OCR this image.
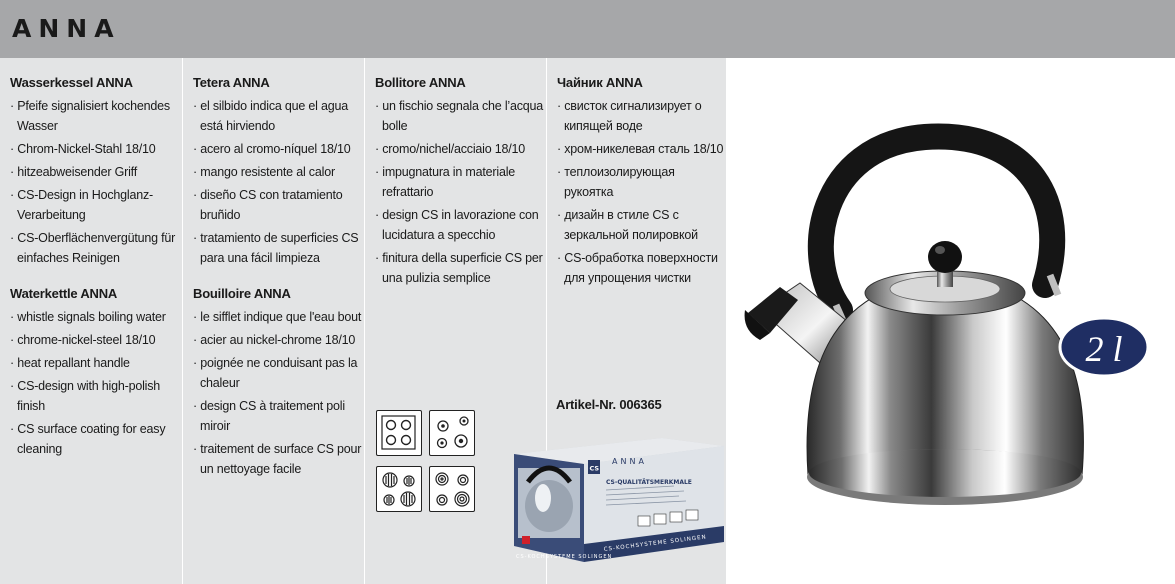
ANNA
Wasserkessel ANNA
· Pfeife signalisiert kochendes Wasser
· Chrom-Nickel-Stahl 18/10
· hitzeabweisender Griff
· CS-Design in Hochglanz-Verarbeitung
· CS-Oberflächenvergütung für einfaches Reinigen
Waterkettle ANNA
· whistle signals boiling water
· chrome-nickel-steel 18/10
· heat repallant handle
· CS-design with high-polish finish
· CS surface coating for easy cleaning
Tetera ANNA
· el silbido indica que el agua está hirviendo
· acero al cromo-níquel 18/10
· mango resistente al calor
· diseño CS con tratamiento bruñido
· tratamiento de superficies CS para una fácil limpieza
Bouilloire ANNA
· le sifflet indique que l'eau bout
· acier au nickel-chrome 18/10
· poignée ne conduisant pas la chaleur
· design CS à traitement poli miroir
· traitement de surface CS pour un nettoyage facile
Bollitore ANNA
· un fischio segnala che l’acqua bolle
· cromo/nichel/acciaio 18/10
· impugnatura in materiale refrattario
· design CS in lavorazione con lucidatura a specchio
· finitura della superficie CS per una pulizia semplice
Чайник ANNA
· свисток сигнализирует о кипящей воде
· хром-никелевая сталь 18/10
· теплоизолирующая рукоятка
· дизайн в стиле CS с зеркальной полировкой
· CS-обработка поверхности для упрощения чистки
Artikel-Nr. 006365
ANNA
CS
CS-QUALITÄTSMERKMALE
CS-KOCHSYSTEME SOLINGEN
CS-KOCHSYSTEME SOLINGEN
2 l
